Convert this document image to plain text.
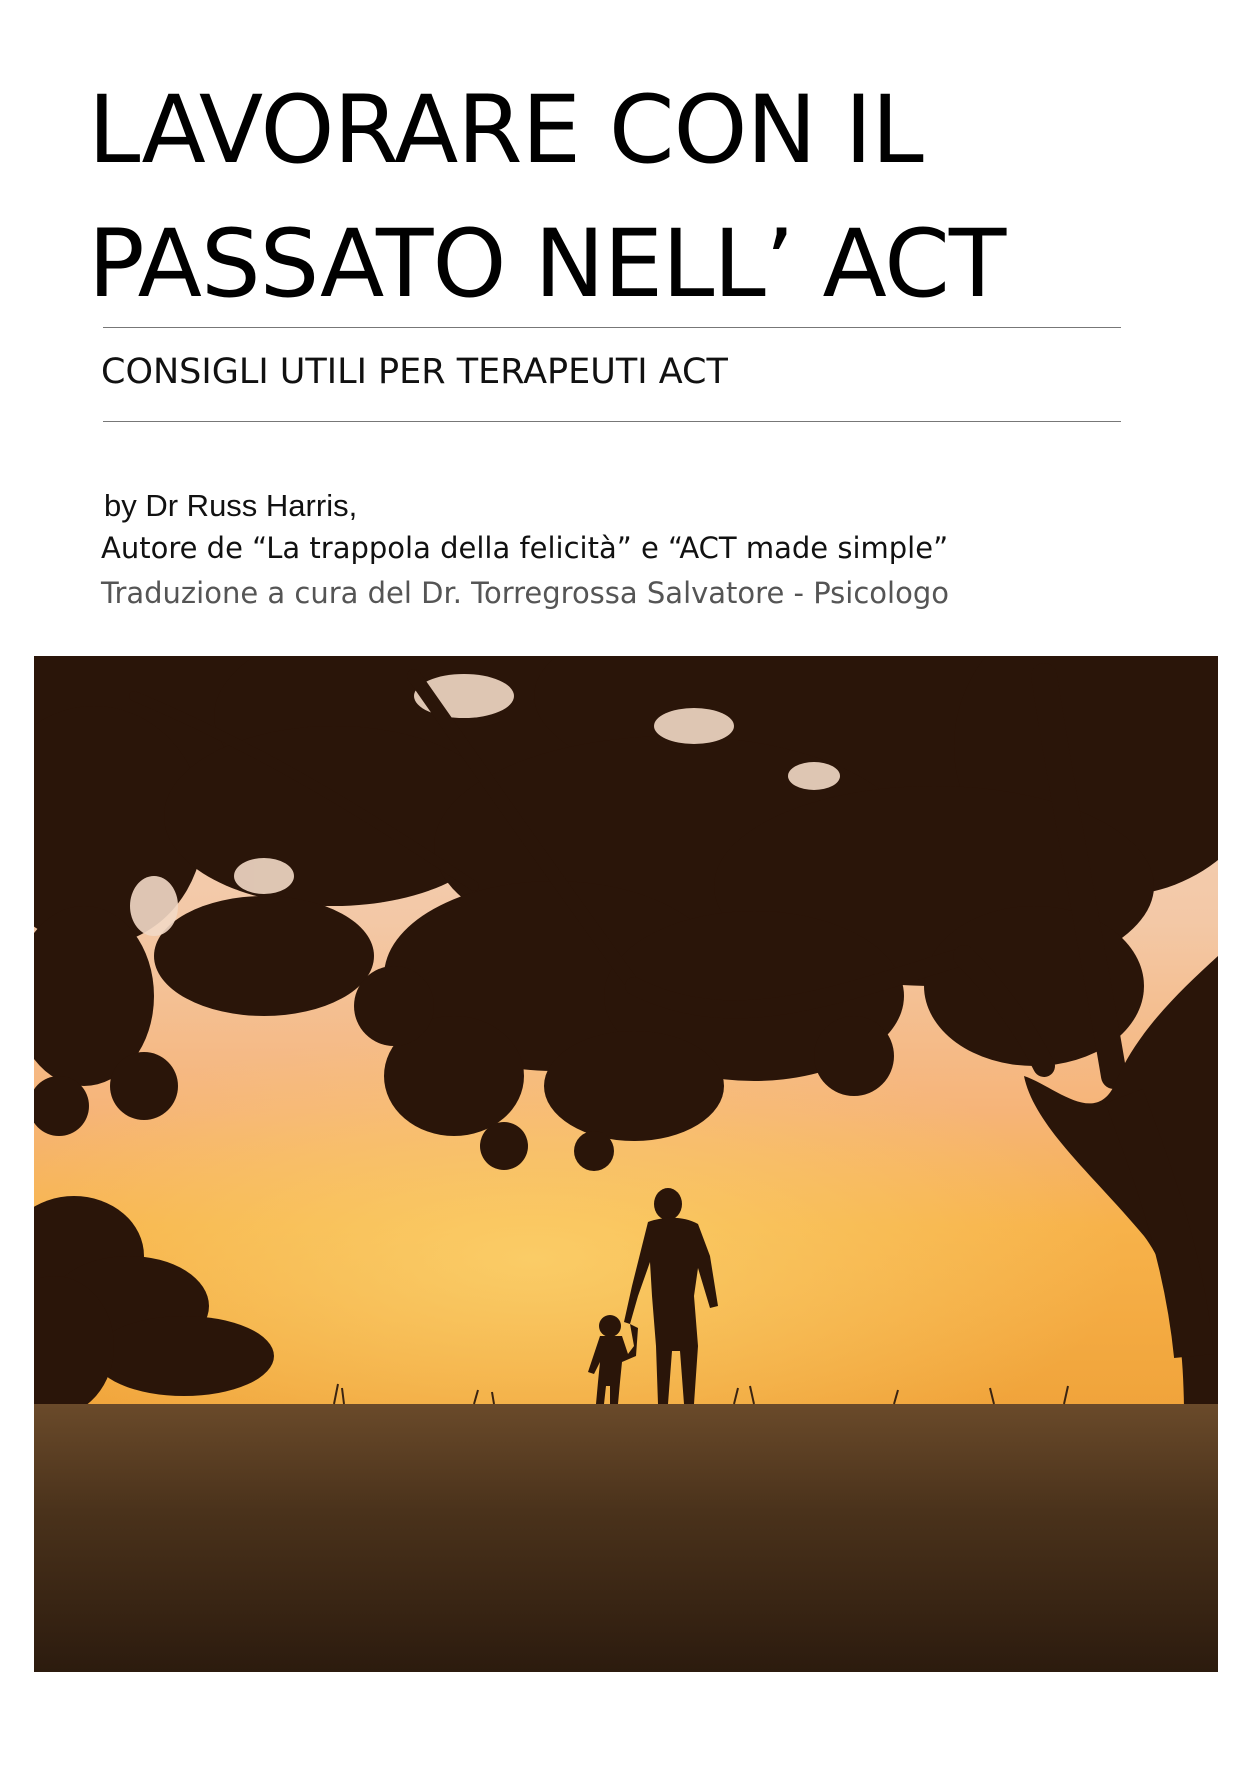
LAVORARE CON IL
PASSATO NELL’ ACT
CONSIGLI UTILI PER TERAPEUTI ACT
by Dr Russ Harris,
Autore de “La trappola della felicità” e “ACT made simple”
Traduzione a cura del Dr. Torregrossa Salvatore - Psicologo
